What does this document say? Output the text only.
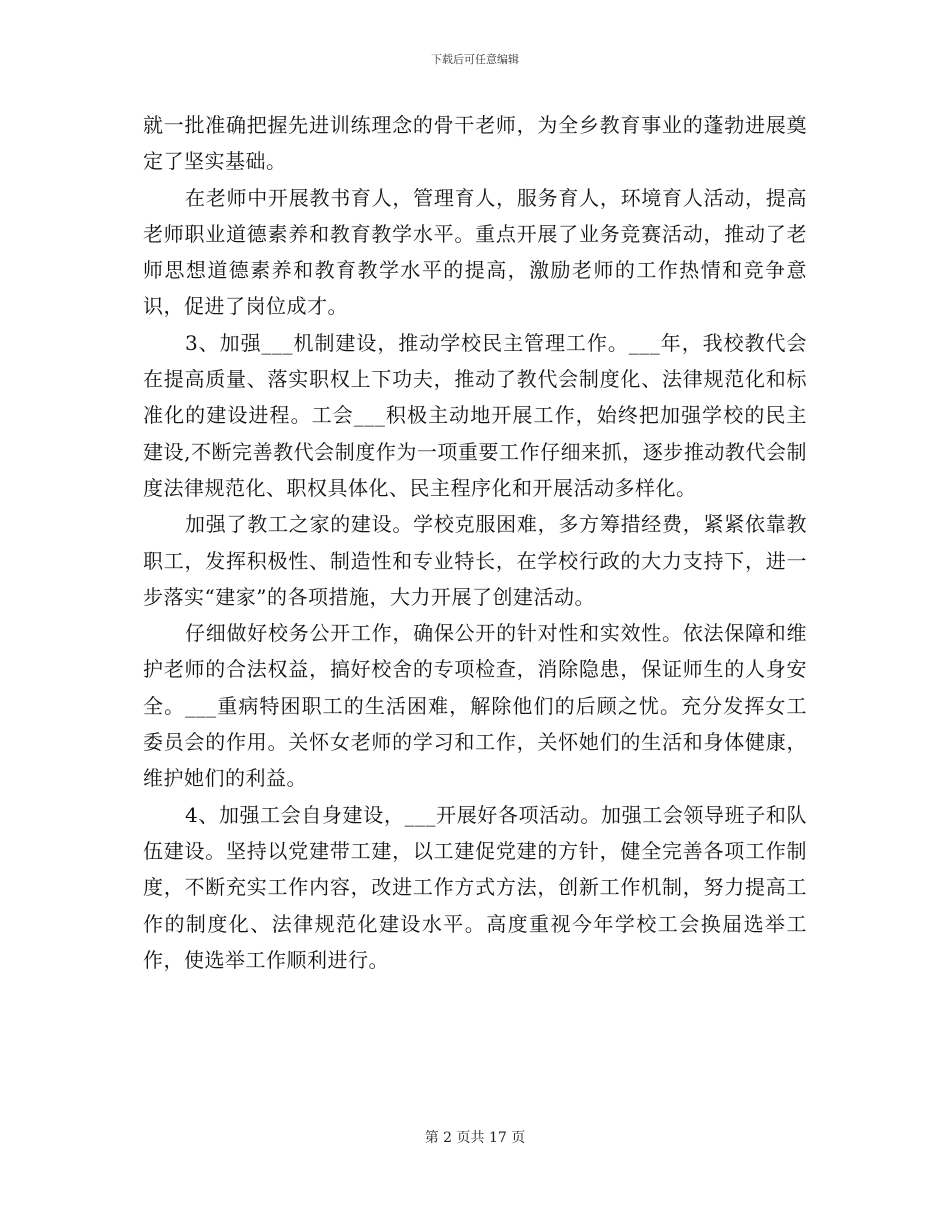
下载后可任意编辑

就一批准确把握先进训练理念的骨干老师，为全乡教育事业的蓬勃进展奠定了坚实基础。

在老师中开展教书育人，管理育人，服务育人，环境育人活动，提高老师职业道德素养和教育教学水平。重点开展了业务竞赛活动，推动了老师思想道德素养和教育教学水平的提高，激励老师的工作热情和竞争意识，促进了岗位成才。

3、加强___机制建设，推动学校民主管理工作。___年，我校教代会在提高质量、落实职权上下功夫，推动了教代会制度化、法律规范化和标准化的建设进程。工会___积极主动地开展工作，始终把加强学校的民主建设,不断完善教代会制度作为一项重要工作仔细来抓，逐步推动教代会制度法律规范化、职权具体化、民主程序化和开展活动多样化。

加强了教工之家的建设。学校克服困难，多方筹措经费，紧紧依靠教职工，发挥积极性、制造性和专业特长，在学校行政的大力支持下，进一步落实“建家”的各项措施，大力开展了创建活动。

仔细做好校务公开工作，确保公开的针对性和实效性。依法保障和维护老师的合法权益，搞好校舍的专项检查，消除隐患，保证师生的人身安全。___重病特困职工的生活困难，解除他们的后顾之忧。充分发挥女工委员会的作用。关怀女老师的学习和工作，关怀她们的生活和身体健康，维护她们的利益。

4、加强工会自身建设，___开展好各项活动。加强工会领导班子和队伍建设。坚持以党建带工建，以工建促党建的方针，健全完善各项工作制度，不断充实工作内容，改进工作方式方法，创新工作机制，努力提高工作的制度化、法律规范化建设水平。高度重视今年学校工会换届选举工作，使选举工作顺利进行。

第 2 页共 17 页
